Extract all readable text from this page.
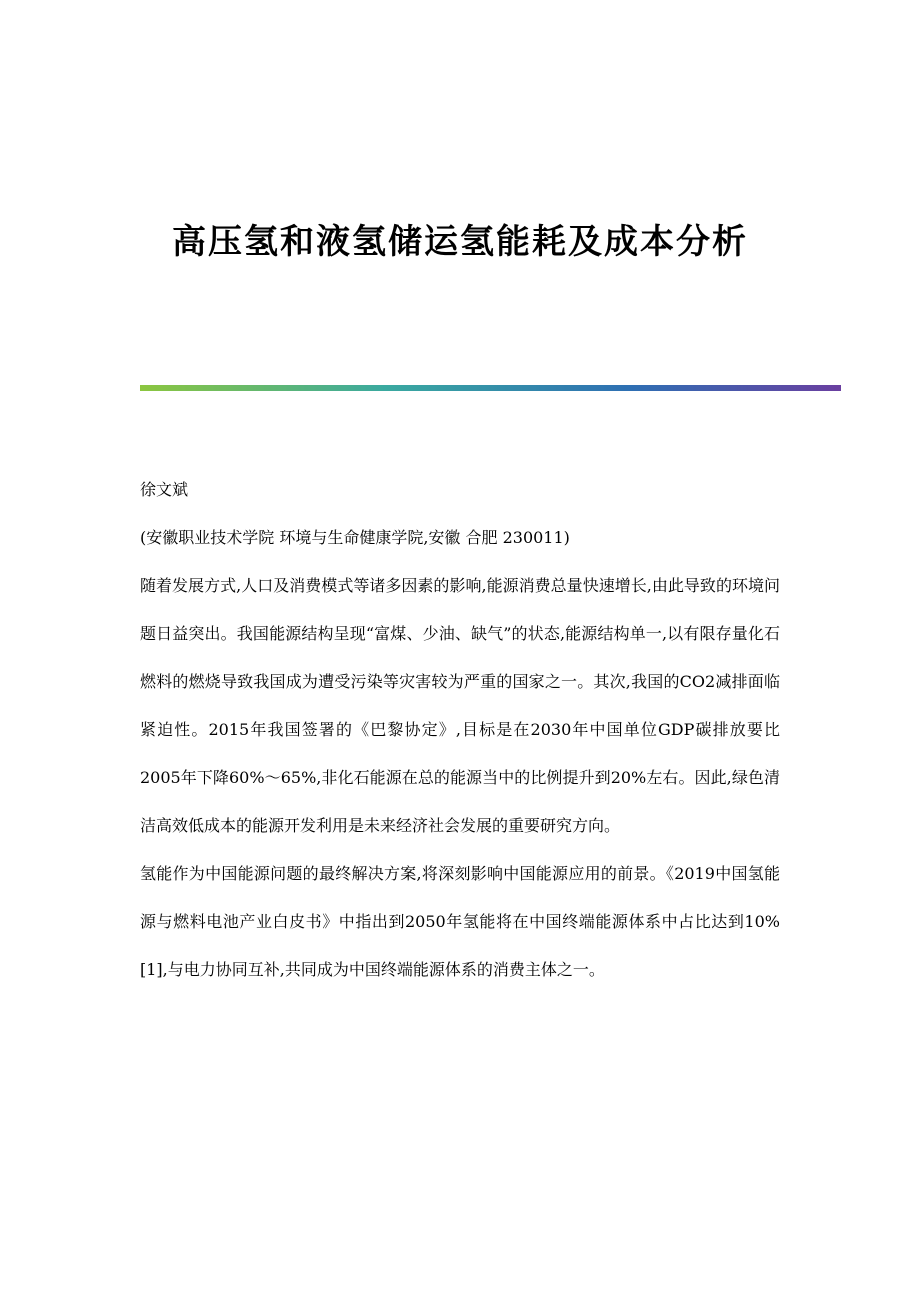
高压氢和液氢储运氢能耗及成本分析

徐文斌

(安徽职业技术学院 环境与生命健康学院,安徽 合肥 230011)

随着发展方式,人口及消费模式等诸多因素的影响,能源消费总量快速增长,由此导致的环境问题日益突出。我国能源结构呈现“富煤、少油、缺气”的状态,能源结构单一,以有限存量化石燃料的燃烧导致我国成为遭受污染等灾害较为严重的国家之一。其次,我国的CO2减排面临紧迫性。2015年我国签署的《巴黎协定》,目标是在2030年中国单位GDP碳排放要比2005年下降60%～65%,非化石能源在总的能源当中的比例提升到20%左右。因此,绿色清洁高效低成本的能源开发利用是未来经济社会发展的重要研究方向。

氢能作为中国能源问题的最终解决方案,将深刻影响中国能源应用的前景。《2019中国氢能源与燃料电池产业白皮书》中指出到2050年氢能将在中国终端能源体系中占比达到10%[1],与电力协同互补,共同成为中国终端能源体系的消费主体之一。
